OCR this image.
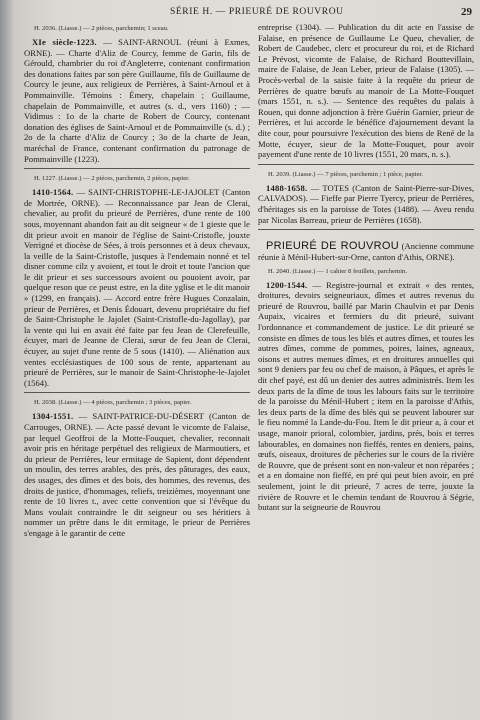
SÉRIE H. — PRIEURÉ DE ROUVROU	29
H. 2036. (Liasse.) — 2 pièces, parchemin; 1 sceau.

XIe siècle-1223. — SAINT-ARNOUL (réuni à Exmes, ORNE). — Charte d'Aliz de Courcy, femme de Garin, fils de Gérould, chambrier du roi d'Angleterre, contenant confirmation des donations faites par son père Guillaume, fils de Guillaume de Courcy le jeune, aux religieux de Perrières, à Saint-Arnoul et à Pommainville. Témoins : Émery, chapelain ; Guillaume, chapelain de Pommainville, et autres (s. d., vers 1160) ; — Vidimus : 1o de la charte de Robert de Courcy, contenant donation des églises de Saint-Arnoul et de Pommainville (s. d.) ; 2o de la charte d'Aliz de Courcy ; 3o de la charte de Jean, maréchal de France, contenant confirmation du patronage de Pommainville (1223).

H. 1227. (Liasse.) — 2 pièces, parchemin, 2 pièces, papier.

1410-1564. — SAINT-CHRISTOPHE-LE-JAJOLET (Canton de Mortrée, ORNE). — Reconnaissance par Jean de Clerai, chevalier, au profit du prieuré de Perrières, d'une rente de 100 sous, moyennant abandon fait au dit seigneur « de 1 gieste que le dit prieur avoit en manoir de l'église de Saint-Cristofle, jouxte Verrigné et diocèse de Sées, à trois personnes et à deux chevaux, la veille de la Saint-Cristofle, jusques à l'endemain nonné et tel disner comme cilz y avoient, et tout le droit et toute l'ancion que le dit prieur et ses successours avoient ou pouoient avoir, par quelque reson que ce peust estre, en la dite yglise et le dit manoir » (1299, en français). — Accord entre frère Hugues Conzalain, prieur de Perrières, et Denis Édouart, devenu propriétaire du fief de Saint-Christophe le Jajolet (Saint-Cristofle-du-Jagollay), par la vente qui lui en avait été faite par feu Jean de Clerefeuille, écuyer, mari de Jeanne de Clerai, sœur de feu Jean de Clerai, écuyer, au sujet d'une rente de 5 sous (1410). — Aliénation aux ventes ecclésiastiques de 100 sous de rente, appartenant au prieuré de Perrières, sur le manoir de Saint-Christophe-le-Jajolet (1564).

H. 2038. (Liasse.) — 4 pièces, parchemin ; 3 pièces, papier.

1304-1551. — SAINT-PATRICE-DU-DÉSERT (Canton de Carrouges, ORNE). — Acte passé devant le vicomte de Falaise, par lequel Geoffroi de la Motte-Fouquet, chevalier, reconnait avoir pris en héritage perpétuel des religieux de Marmoutiers, et du prieur de Perrières, leur ermitage de Sapient, dont dépendent un moulin, des terres arables, des prés, des pâturages, des eaux, des usages, des dîmes et des bois, des hommes, des revenus, des droits de justice, d'hommages, reliefs, treizièmes, moyennant une rente de 10 livres t., avec cette convention que si l'évêque du Mans voulait contraindre le dit seigneur ou ses héritiers à nommer un prêtre dans le dit ermitage, le prieur de Perrières s'engage à le garantir de cette

entreprise (1304). — Publication du dit acte en l'assise de Falaise, en présence de Guillaume Le Queu, chevalier, de Robert de Caudebec, clerc et procureur du roi, et de Richard Le Prévost, vicomte de Falaise, de Richard Bouttevillain, maire de Falaise, de Jean Leber, prieur de Falaise (1305). — Procès-verbal de la saisie faite à la requête du prieur de Perrières de quatre bœufs au manoir de La Motte-Fouquet (mars 1551, n. s.). — Sentence des requêtes du palais à Rouen, qui donne adjonction à frère Guérin Garnier, prieur de Perrières, et lui accorde le bénéfice d'ajournement devant la dite cour, pour poursuivre l'exécution des biens de René de la Motte, écuyer, sieur de la Motte-Fouquet, pour avoir payement d'une rente de 10 livres (1551, 20 mars, n. s.).

H. 2039. (Liasse.) — 7 pièces, parchemin ; 1 pièce, papier.

1488-1658. — TOTES (Canton de Saint-Pierre-sur-Dives, CALVADOS). — Fieffe par Pierre Tyercy, prieur de Perrières, d'héritages sis en la paroisse de Totes (1488). — Aveu rendu par Nicolas Barreau, prieur de Perrières (1658).

PRIEURÉ DE ROUVROU (Ancienne commune réunie à Ménil-Hubert-sur-Orne, canton d'Athis, ORNE).

H. 2040. (Liasse.) — 1 cahier 8 feuillets, parchemin.

1200-1544. — Registre-journal et extrait « des rentes, droitures, devoirs seigneuriaux, dîmes et autres revenus du prieuré de Rouvrou, baillé par Marin Chaulvin et par Denis Aupaix, vicaires et fermiers du dit prieuré, suivant l'ordonnance et commandement de justice. Le dit prieuré se consiste en dîmes de tous les blés et autres dîmes, et toutes les autres dîmes, comme de pommes, poires, laines, agneaux, oisons et autres menues dîmes, et en droitures annuelles qui sont 9 deniers par feu ou chef de maison, à Pâques, et après le dit chef payé, est dû un denier des autres administrés. Item les deux parts de la dîme de tous les labours faits sur le territoire de la paroisse du Ménil-Hubert ; item en la paroisse d'Athis, les deux parts de la dîme des blés qui se peuvent labourer sur le fieu nommé la Lande-du-Fou. Item le dit prieur a, à cour et usage, manoir prioral, colombier, jardins, prés, bois et terres labourables, en domaines non fieffés, rentes en deniers, pains, œufs, oiseaux, droitures de pêcheries sur le cours de la rivière de Rouvre, que de présent sont en non-valeur et non réparées ; et a en domaine non fieffé, en pré qui peut bien avoir, en pré seulement, joint le dit prieuré, 7 acres de terre, jouxte la rivière de Rouvre et le chemin tendant de Rouvrou à Ségrie, butant sur la seigneurie de Rouvrou
